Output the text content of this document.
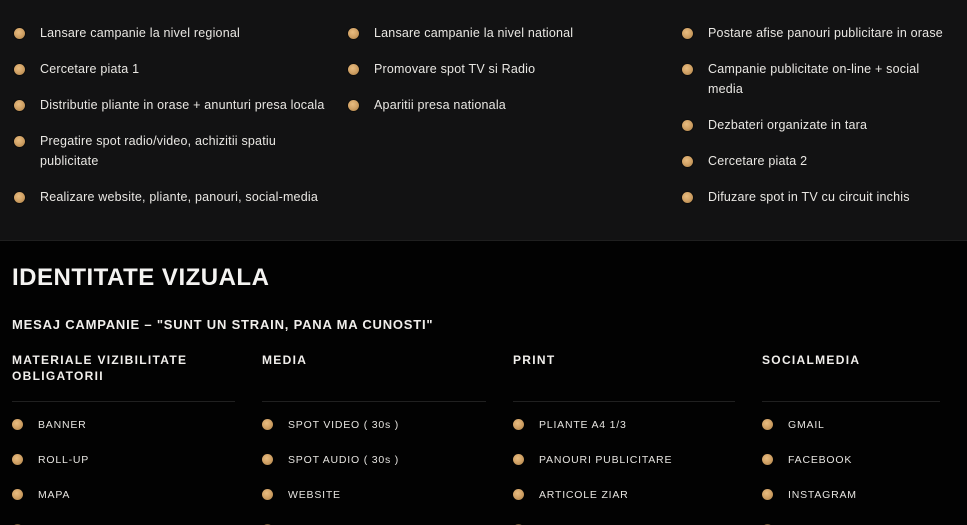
Lansare campanie la nivel regional
Cercetare piata 1
Distributie pliante in orase + anunturi presa locala
Pregatire spot radio/video, achizitii spatiu publicitate
Realizare website, pliante, panouri, social-media
Lansare campanie la nivel national
Promovare spot TV si Radio
Aparitii presa nationala
Postare afise panouri publicitare in orase
Campanie publicitate on-line + social media
Dezbateri organizate in tara
Cercetare piata 2
Difuzare spot in TV cu circuit inchis
IDENTITATE VIZUALA
MESAJ CAMPANIE – "SUNT UN STRAIN, PANA MA CUNOSTI"
MATERIALE VIZIBILITATE OBLIGATORII
BANNER
ROLL-UP
MAPA
MEDIA
SPOT VIDEO ( 30s )
SPOT AUDIO ( 30s )
WEBSITE
PRINT
PLIANTE A4 1/3
PANOURI PUBLICITARE
ARTICOLE ZIAR
SOCIALMEDIA
GMAIL
FACEBOOK
INSTAGRAM
